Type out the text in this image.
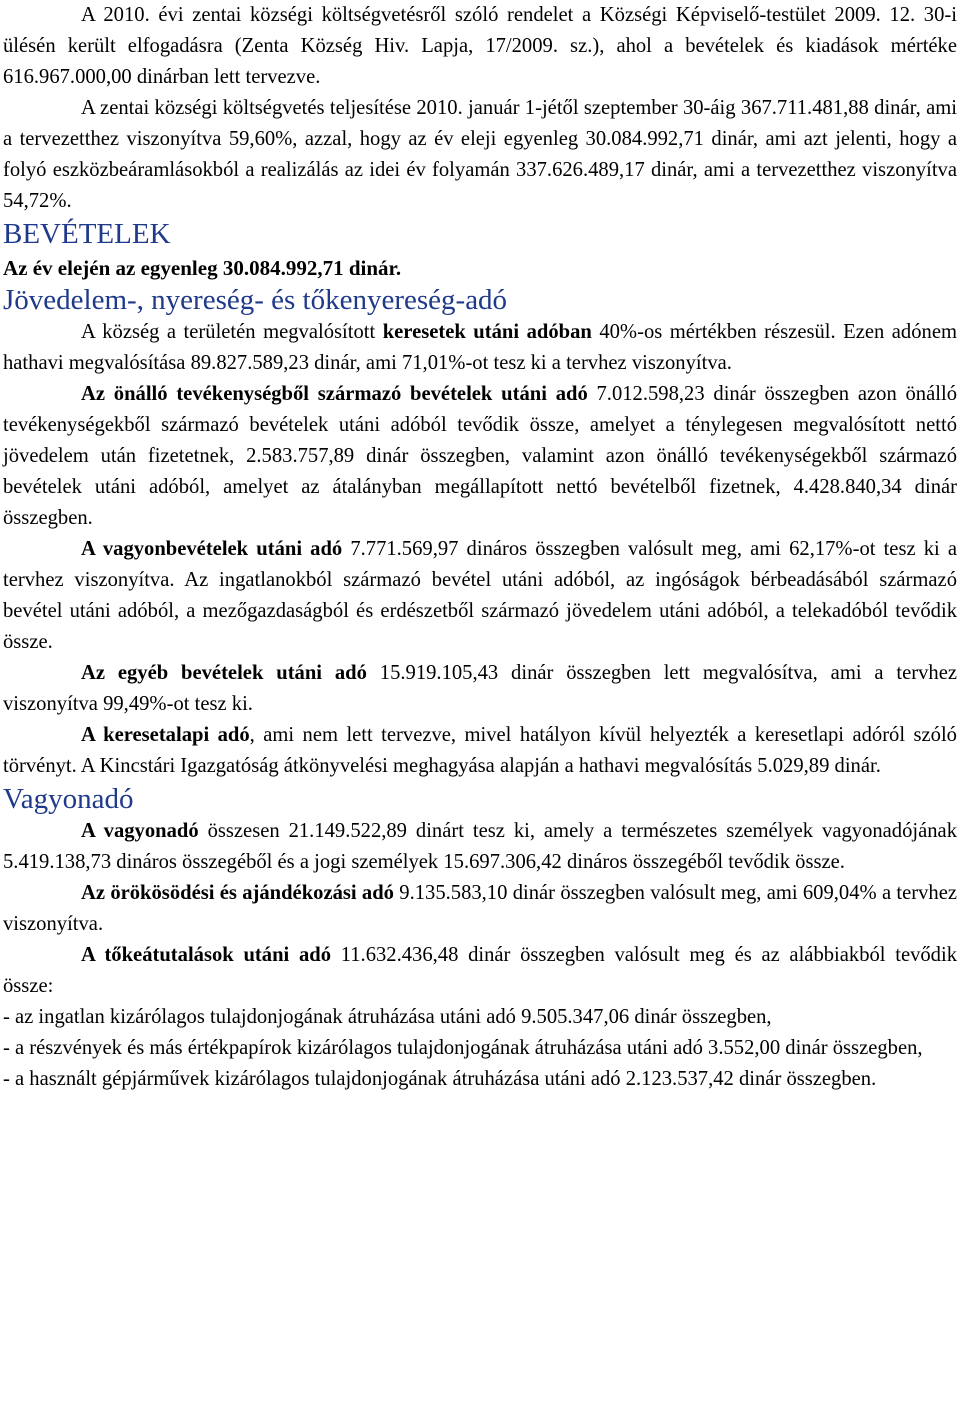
A 2010. évi zentai községi költségvetésről szóló rendelet a Községi Képviselő-testület 2009. 12. 30-i ülésén került elfogadásra (Zenta Község Hiv. Lapja, 17/2009. sz.), ahol a bevételek és kiadások mértéke 616.967.000,00 dinárban lett tervezve.

A zentai községi költségvetés teljesítése 2010. január 1-jétől szeptember 30-áig 367.711.481,88 dinár, ami a tervezetthez viszonyítva 59,60%, azzal, hogy az év eleji egyenleg 30.084.992,71 dinár, ami azt jelenti, hogy a folyó eszközbeáramlásokból a realizálás az idei év folyamán 337.626.489,17 dinár, ami a tervezetthez viszonyítva 54,72%.

BEVÉTELEK

Az év elején az egyenleg 30.084.992,71 dinár.

Jövedelem-, nyereség- és tőkenyereség-adó

A község a területén megvalósított keresetek utáni adóban 40%-os mértékben részesül. Ezen adónem hathavi megvalósítása 89.827.589,23 dinár, ami 71,01%-ot tesz ki a tervhez viszonyítva.

Az önálló tevékenységből származó bevételek utáni adó 7.012.598,23 dinár összegben azon önálló tevékenységekből származó bevételek utáni adóból tevődik össze, amelyet a ténylegesen megvalósított nettó jövedelem után fizetetnek, 2.583.757,89 dinár összegben, valamint azon önálló tevékenységekből származó bevételek utáni adóból, amelyet az átalányban megállapított nettó bevételből fizetnek, 4.428.840,34 dinár összegben.

A vagyonbevételek utáni adó 7.771.569,97 dináros összegben valósult meg, ami 62,17%-ot tesz ki a tervhez viszonyítva. Az ingatlanokból származó bevétel utáni adóból, az ingóságok bérbeadásából származó bevétel utáni adóból, a mezőgazdaságból és erdészetből származó jövedelem utáni adóból, a telekadóból tevődik össze.

Az egyéb bevételek utáni adó 15.919.105,43 dinár összegben lett megvalósítva, ami a tervhez viszonyítva 99,49%-ot tesz ki.

A keresetalapi adó, ami nem lett tervezve, mivel hatályon kívül helyezték a keresetlapi adóról szóló törvényt. A Kincstári Igazgatóság átkönyvelési meghagyása alapján a hathavi megvalósítás 5.029,89 dinár.

Vagyonadó

A vagyonadó összesen 21.149.522,89 dinárt tesz ki, amely a természetes személyek vagyonadójának 5.419.138,73 dináros összegéből és a jogi személyek 15.697.306,42 dináros összegéből tevődik össze.

Az örökösödési és ajándékozási adó 9.135.583,10 dinár összegben valósult meg, ami 609,04% a tervhez viszonyítva.

A tőkeátutalások utáni adó 11.632.436,48 dinár összegben valósult meg és az alábbiakból tevődik össze:

- az ingatlan kizárólagos tulajdonjogának átruházása utáni adó 9.505.347,06 dinár összegben,

- a részvények és más értékpapírok kizárólagos tulajdonjogának átruházása utáni adó 3.552,00 dinár összegben,

- a használt gépjárművek kizárólagos tulajdonjogának átruházása utáni adó 2.123.537,42 dinár összegben.
